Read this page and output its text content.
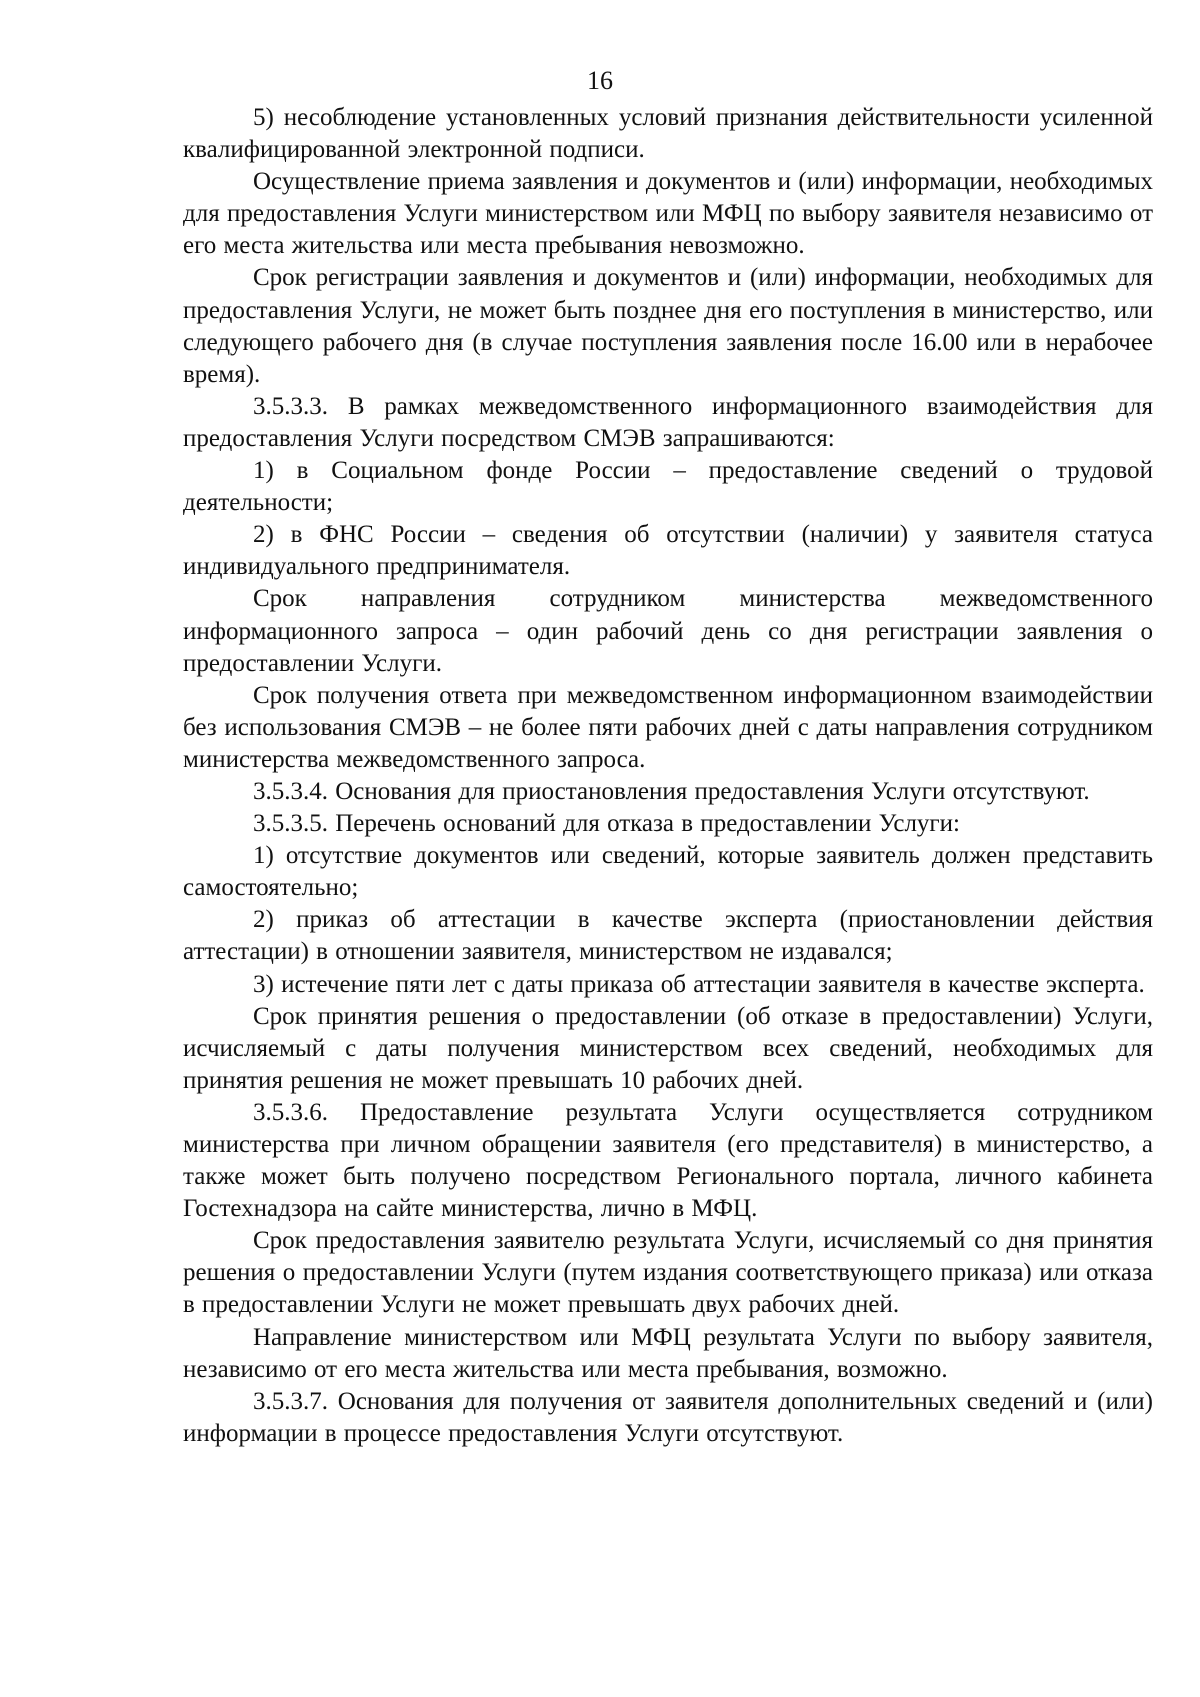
16

5) несоблюдение установленных условий признания действительности усиленной квалифицированной электронной подписи.

Осуществление приема заявления и документов и (или) информации, необходимых для предоставления Услуги министерством или МФЦ по выбору заявителя независимо от его места жительства или места пребывания невозможно.

Срок регистрации заявления и документов и (или) информации, необходимых для предоставления Услуги, не может быть позднее дня его поступления в министерство, или следующего рабочего дня (в случае поступления заявления после 16.00 или в нерабочее время).

3.5.3.3. В рамках межведомственного информационного взаимодействия для предоставления Услуги посредством СМЭВ запрашиваются:

1) в Социальном фонде России – предоставление сведений о трудовой деятельности;

2) в ФНС России – сведения об отсутствии (наличии) у заявителя статуса индивидуального предпринимателя.

Срок направления сотрудником министерства межведомственного информационного запроса – один рабочий день со дня регистрации заявления о предоставлении Услуги.

Срок получения ответа при межведомственном информационном взаимодействии без использования СМЭВ – не более пяти рабочих дней с даты направления сотрудником министерства межведомственного запроса.

3.5.3.4. Основания для приостановления предоставления Услуги отсутствуют.

3.5.3.5. Перечень оснований для отказа в предоставлении Услуги:

1) отсутствие документов или сведений, которые заявитель должен представить самостоятельно;

2) приказ об аттестации в качестве эксперта (приостановлении действия аттестации) в отношении заявителя, министерством не издавался;

3) истечение пяти лет с даты приказа об аттестации заявителя в качестве эксперта.

Срок принятия решения о предоставлении (об отказе в предоставлении) Услуги, исчисляемый с даты получения министерством всех сведений, необходимых для принятия решения не может превышать 10 рабочих дней.

3.5.3.6. Предоставление результата Услуги осуществляется сотрудником министерства при личном обращении заявителя (его представителя) в министерство, а также может быть получено посредством Регионального портала, личного кабинета Гостехнадзора на сайте министерства, лично в МФЦ.

Срок предоставления заявителю результата Услуги, исчисляемый со дня принятия решения о предоставлении Услуги (путем издания соответствующего приказа) или отказа в предоставлении Услуги не может превышать двух рабочих дней.

Направление министерством или МФЦ результата Услуги по выбору заявителя, независимо от его места жительства или места пребывания, возможно.

3.5.3.7. Основания для получения от заявителя дополнительных сведений и (или) информации в процессе предоставления Услуги отсутствуют.
